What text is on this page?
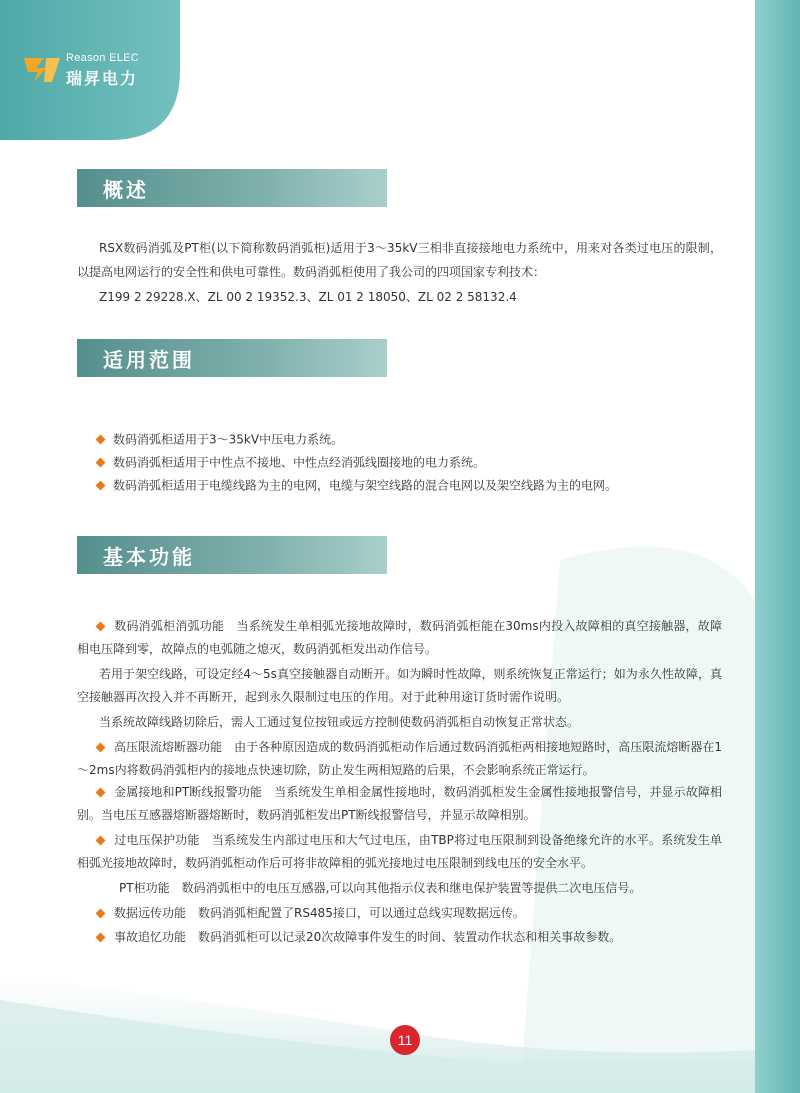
Reason ELEC
瑞昇电力
概述
RSX数码消弧及PT柜(以下简称数码消弧柜)适用于3～35kV三相非直接接地电力系统中，用来对各类过电压的限制，以提高电网运行的安全性和供电可靠性。数码消弧柜使用了我公司的四项国家专利技术：
Z199 2 29228.X、ZL 00 2 19352.3、ZL 01 2 18050、ZL 02 2 58132.4
适用范围
数码消弧柜适用于3～35kV中压电力系统。
数码消弧柜适用于中性点不接地、中性点经消弧线圈接地的电力系统。
数码消弧柜适用于电缆线路为主的电网，电缆与架空线路的混合电网以及架空线路为主的电网。
基本功能
数码消弧柜消弧功能　当系统发生单相弧光接地故障时，数码消弧柜能在30ms内投入故障相的真空接触器，故障相电压降到零，故障点的电弧随之熄灭，数码消弧柜发出动作信号。
若用于架空线路，可设定经4～5s真空接触器自动断开。如为瞬时性故障，则系统恢复正常运行；如为永久性故障，真空接触器再次投入并不再断开，起到永久限制过电压的作用。对于此种用途订货时需作说明。
当系统故障线路切除后，需人工通过复位按钮或远方控制使数码消弧柜自动恢复正常状态。
高压限流熔断器功能　由于各种原因造成的数码消弧柜动作后通过数码消弧柜两相接地短路时，高压限流熔断器在1～2ms内将数码消弧柜内的接地点快速切除，防止发生两相短路的后果，不会影响系统正常运行。
金属接地和PT断线报警功能　当系统发生单相金属性接地时，数码消弧柜发生金属性接地报警信号，并显示故障相别。当电压互感器熔断器熔断时，数码消弧柜发出PT断线报警信号，并显示故障相别。
过电压保护功能　当系统发生内部过电压和大气过电压，由TBP将过电压限制到设备绝缘允许的水平。系统发生单相弧光接地故障时，数码消弧柜动作后可将非故障相的弧光接地过电压限制到线电压的安全水平。
PT柜功能　数码消弧柜中的电压互感器,可以向其他指示仪表和继电保护装置等提供二次电压信号。
数据远传功能　数码消弧柜配置了RS485接口，可以通过总线实现数据远传。
事故追忆功能　数码消弧柜可以记录20次故障事件发生的时间、装置动作状态和相关事故参数。
11
